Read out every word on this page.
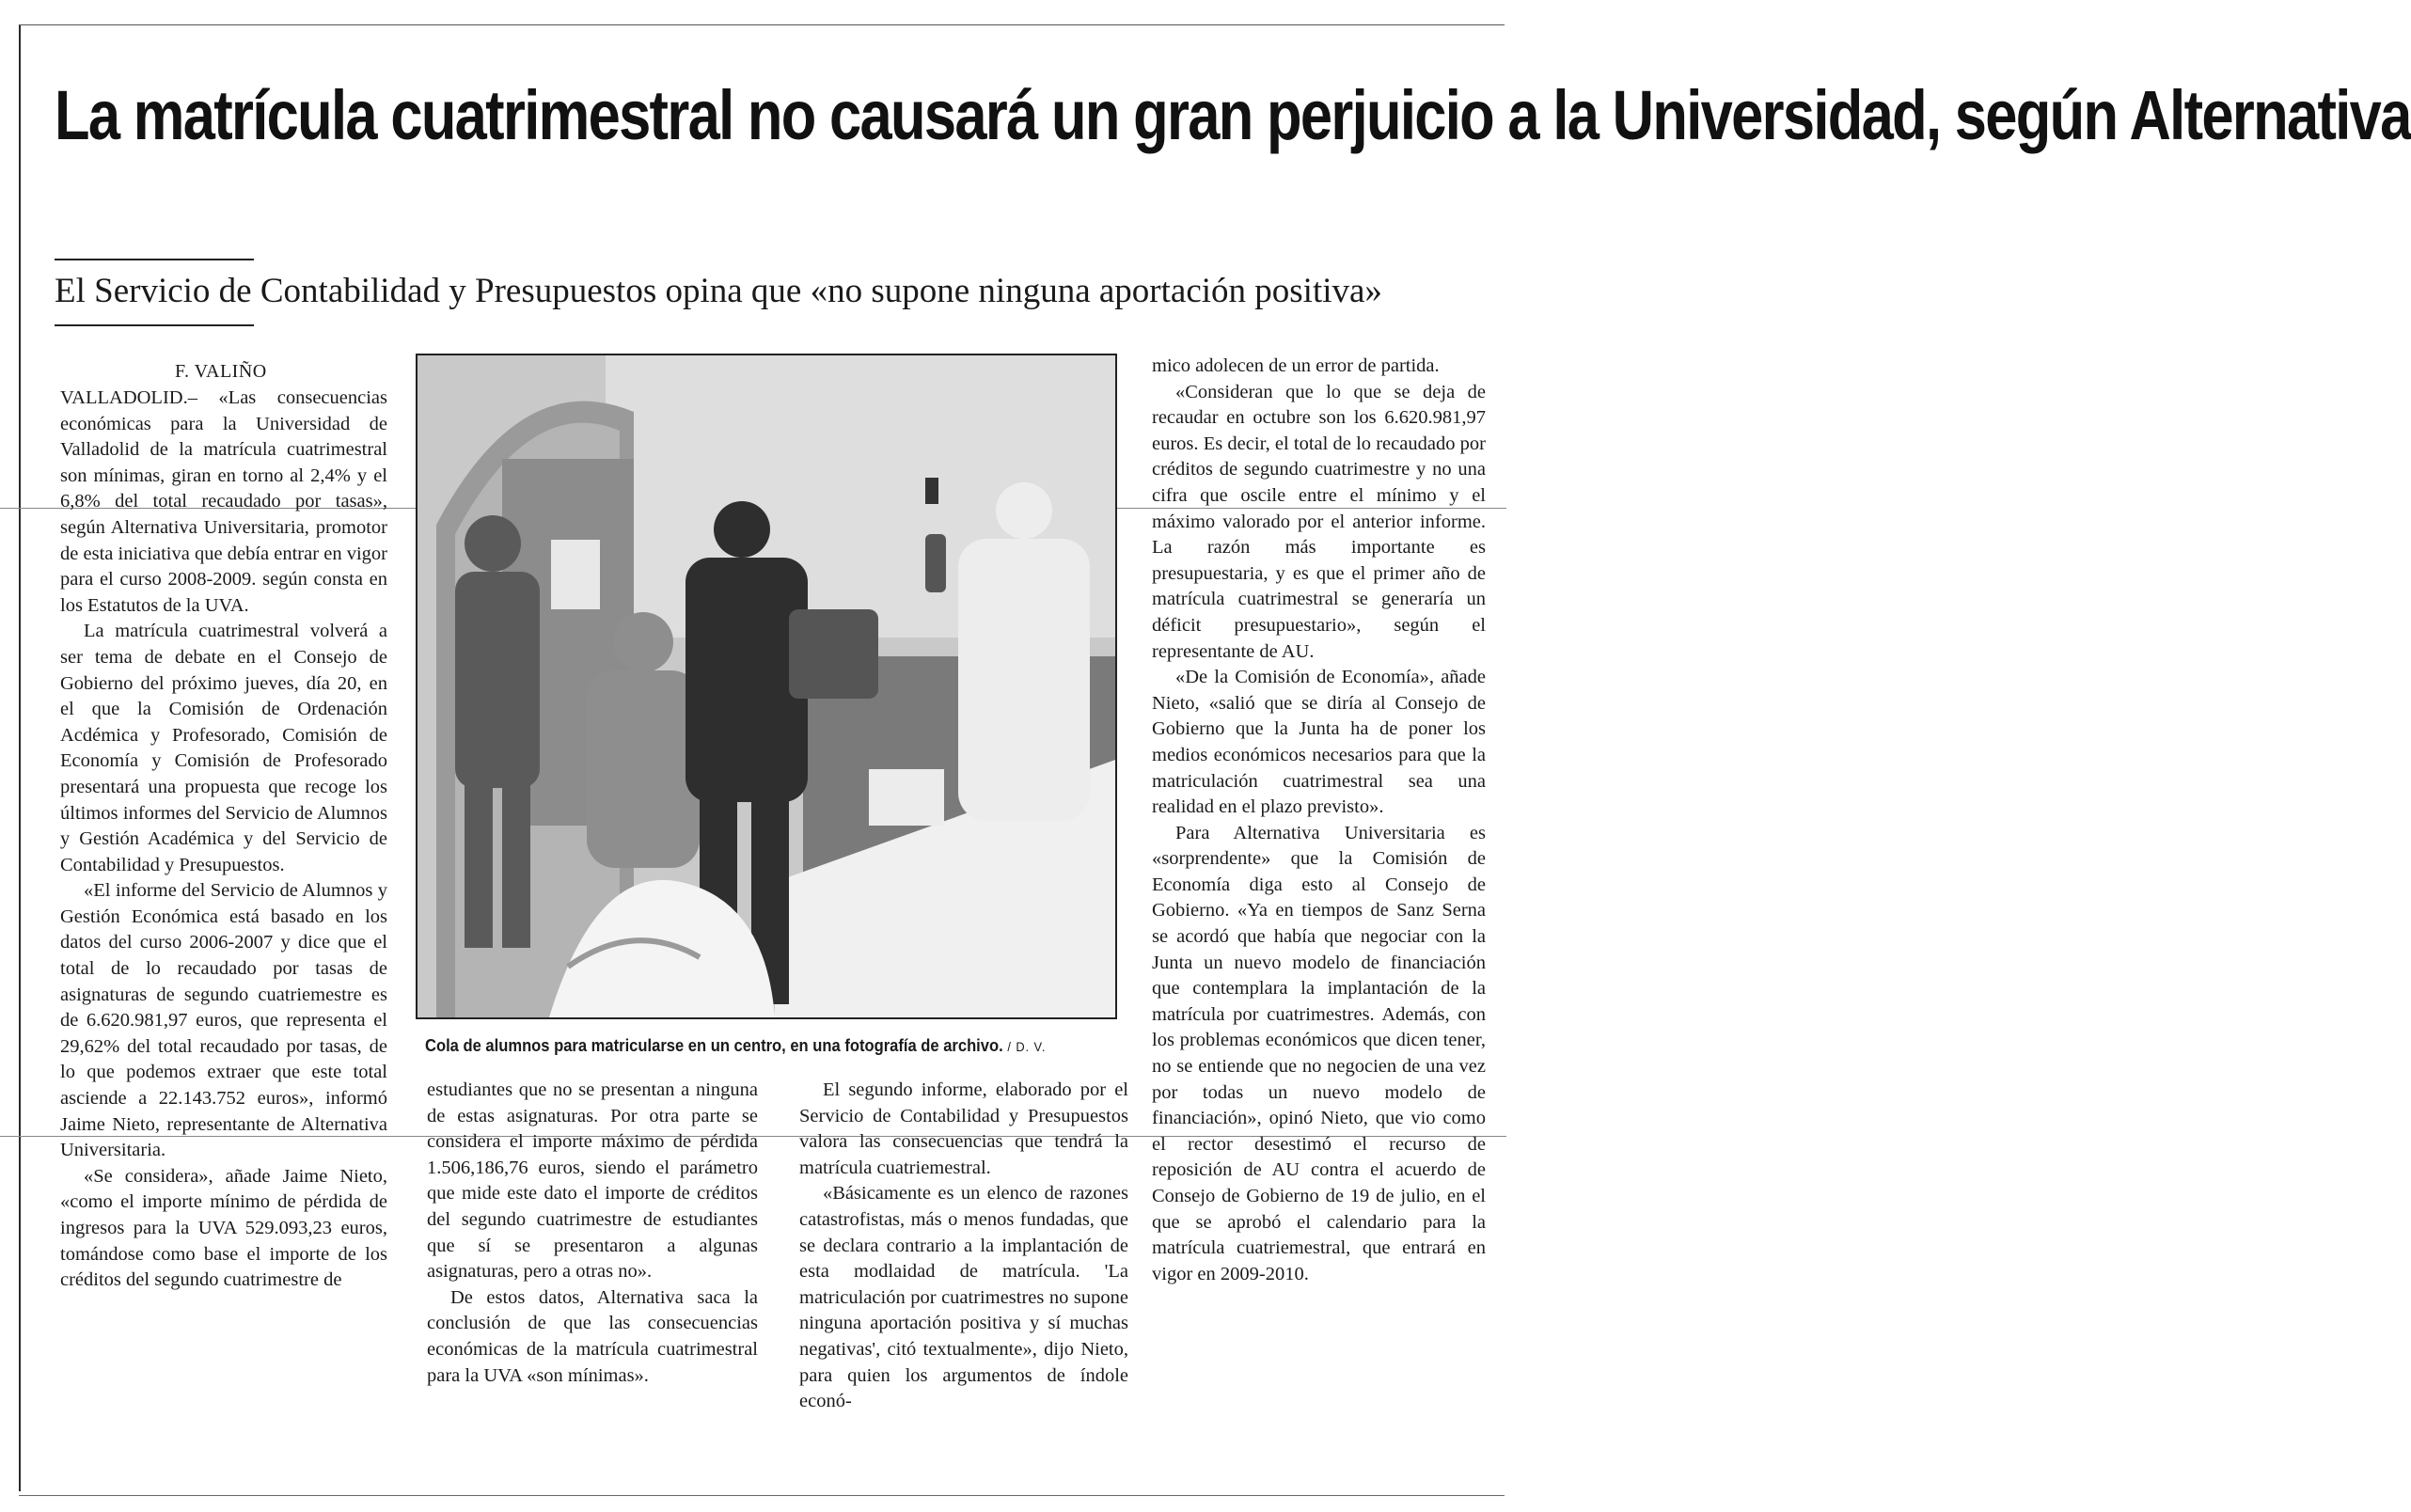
La matrícula cuatrimestral no causará un gran perjuicio a la Universidad, según Alternativa
El Servicio de Contabilidad y Presupuestos opina que «no supone ninguna aportación positiva»

F. VALIÑO

VALLADOLID.– «Las consecuencias económicas para la Universidad de Valladolid de la matrícula cuatrimestral son mínimas, giran en torno al 2,4% y el 6,8% del total recaudado por tasas», según Alternativa Universitaria, promotor de esta iniciativa que debía entrar en vigor para el curso 2008-2009. según consta en los Estatutos de la UVA.

La matrícula cuatrimestral volverá a ser tema de debate en el Consejo de Gobierno del próximo jueves, día 20, en el que la Comisión de Ordenación Acdémica y Profesorado, Comisión de Economía y Comisión de Profesorado presentará una propuesta que recoge los últimos informes del Servicio de Alumnos y Gestión Académica y del Servicio de Contabilidad y Presupuestos.

«El informe del Servicio de Alumnos y Gestión Económica está basado en los datos del curso 2006-2007 y dice que el total de lo recaudado por tasas de asignaturas de segundo cuatriemestre es de 6.620.981,97 euros, que representa el 29,62% del total recaudado por tasas, de lo que podemos extraer que este total asciende a 22.143.752 euros», informó Jaime Nieto, representante de Alternativa Universitaria.

«Se considera», añade Jaime Nieto, «como el importe mínimo de pérdida de ingresos para la UVA 529.093,23 euros, tomándose como base el importe de los créditos del segundo cuatrimestre de

Cola de alumnos para matricularse en un centro, en una fotografía de archivo. / D. V.

estudiantes que no se presentan a ninguna de estas asignaturas. Por otra parte se considera el importe máximo de pérdida 1.506,186,76 euros, siendo el parámetro que mide este dato el importe de créditos del segundo cuatrimestre de estudiantes que sí se presentaron a algunas asignaturas, pero a otras no».

De estos datos, Alternativa saca la conclusión de que las consecuencias económicas de la matrícula cuatrimestral para la UVA «son mínimas».

El segundo informe, elaborado por el Servicio de Contabilidad y Presupuestos valora las consecuencias que tendrá la matrícula cuatriemestral.

«Básicamente es un elenco de razones catastrofistas, más o menos fundadas, que se declara contrario a la implantación de esta modlaidad de matrícula. 'La matriculación por cuatrimestres no supone ninguna aportación positiva y sí muchas negativas', citó textualmente», dijo Nieto, para quien los argumentos de índole econó-

mico adolecen de un error de partida.

«Consideran que lo que se deja de recaudar en octubre son los 6.620.981,97 euros. Es decir, el total de lo recaudado por créditos de segundo cuatrimestre y no una cifra que oscile entre el mínimo y el máximo valorado por el anterior informe. La razón más importante es presupuestaria, y es que el primer año de matrícula cuatrimestral se generaría un déficit presupuestario», según el representante de AU.

«De la Comisión de Economía», añade Nieto, «salió que se diría al Consejo de Gobierno que la Junta ha de poner los medios económicos necesarios para que la matriculación cuatrimestral sea una realidad en el plazo previsto».

Para Alternativa Universitaria es «sorprendente» que la Comisión de Economía diga esto al Consejo de Gobierno. «Ya en tiempos de Sanz Serna se acordó que había que negociar con la Junta un nuevo modelo de financiación que contemplara la implantación de la matrícula por cuatrimestres. Además, con los problemas económicos que dicen tener, no se entiende que no negocien de una vez por todas un nuevo modelo de financiación», opinó Nieto, que vio como el rector desestimó el recurso de reposición de AU contra el acuerdo de Consejo de Gobierno de 19 de julio, en el que se aprobó el calendario para la matrícula cuatriemestral, que entrará en vigor en 2009-2010.
